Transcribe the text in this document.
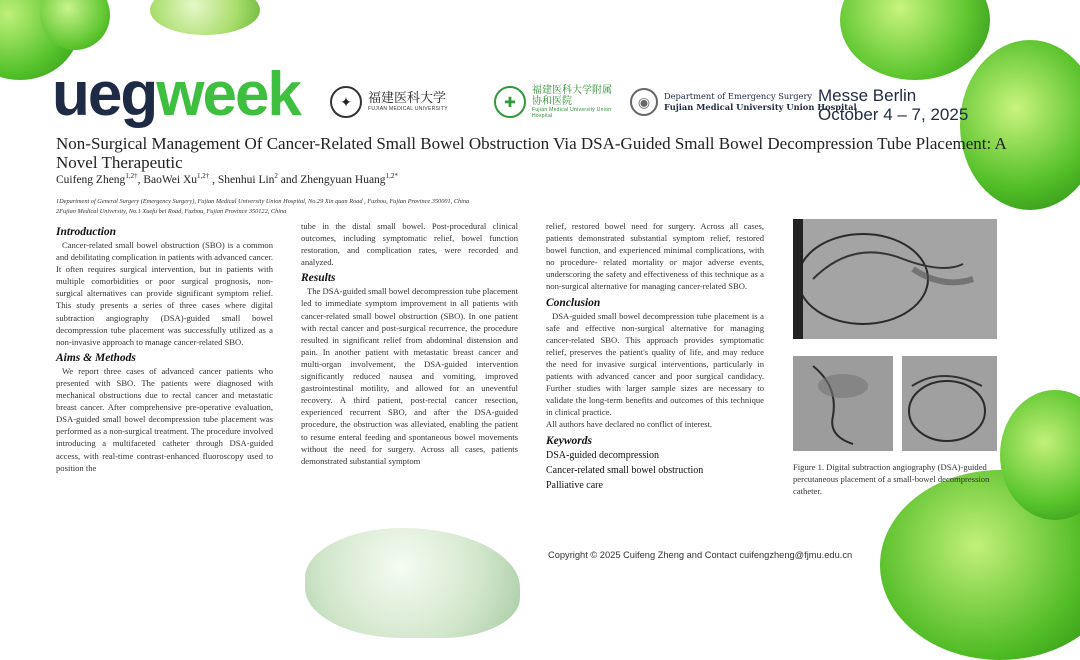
uegweek	✦	福建医科大学
FUJIAN MEDICAL UNIVERSITY	✚
福建医科大学附属 协和医院
Fujian Medical University Union Hospital
◉	Department of Emergency Surgery
Fujian Medical University Union Hospital
Messe Berlin
October 4 – 7, 2025
Non-Surgical Management Of Cancer-Related Small Bowel Obstruction Via DSA-Guided Small Bowel Decompression Tube Placement: A Novel Therapeutic
Cuifeng Zheng$^{1,2\dagger}$, BaoWei $Xu^{1,2\dagger}$ , Shenhui Lin$^2$ and Zhengyuan Huang$^{1,2*}$
1Department of General Surgery (Emergency Surgery), Fujian Medical University Union Hospital, No.29 Xin quan Road , Fuzhou, Fujian Province 350001, China
2Fujian Medical University, No.1 Xuefu bei Road, Fuzhou, Fujian Province 350122, China
Introduction

Cancer-related small bowel obstruction (SBO) is a common and debilitating complication in patients with advanced cancer. It often requires surgical intervention, but in patients with multiple comorbidities or poor surgical prognosis, non-surgical alternatives can provide significant symptom relief. This study presents a series of three cases where digital subtraction angiography (DSA)-guided small bowel decompression tube placement was successfully utilized as a non-invasive approach to manage cancer-related SBO.

Aims & Methods

We report three cases of advanced cancer patients who presented with SBO. The patients were diagnosed with mechanical obstructions due to rectal cancer and metastatic breast cancer. After comprehensive pre-operative evaluation, DSA-guided small bowel decompression tube placement was performed as a non-surgical treatment. The procedure involved introducing a multifaceted catheter through DSA-guided access, with real-time contrast-enhanced fluoroscopy used to position the

tube in the distal small bowel. Post-procedural clinical outcomes, including symptomatic relief, bowel function restoration, and complication rates, were recorded and analyzed.

Results

The DSA-guided small bowel decompression tube placement led to immediate symptom improvement in all patients with cancer-related small bowel obstruction (SBO). In one patient with rectal cancer and post-surgical recurrence, the procedure resulted in significant relief from abdominal distension and pain. In another patient with metastatic breast cancer and multi-organ involvement, the DSA-guided intervention significantly reduced nausea and vomiting, improved gastrointestinal motility, and allowed for an uneventful recovery. A third patient, post-rectal cancer resection, experienced recurrent SBO, and after the DSA-guided procedure, the obstruction was alleviated, enabling the patient to resume enteral feeding and spontaneous bowel movements without the need for surgery. Across all cases, patients demonstrated substantial symptom

relief, restored bowel need for surgery. Across all cases, patients demonstrated substantial symptom relief, restored bowel function, and experienced minimal complications, with no procedure- related mortality or major adverse events, underscoring the safety and effectiveness of this technique as a non-surgical alternative for managing cancer-related SBO.

Conclusion

DSA-guided small bowel decompression tube placement is a safe and effective non-surgical alternative for managing cancer-related SBO. This approach provides symptomatic relief, preserves the patient's quality of life, and may reduce the need for invasive surgical interventions, particularly in patients with advanced cancer and poor surgical candidacy. Further studies with larger sample sizes are necessary to validate the long-term benefits and outcomes of this technique in clinical practice.

All authors have declared no conflict of interest.

Keywords
DSA-guided decompression
Cancer-related small bowel obstruction
Palliative care
Figure 1. Digital subtraction angiography (DSA)-guided percutaneous placement of a small-bowel decompression catheter.
Copyright © 2025 Cuifeng Zheng and Contact cuifengzheng@fjmu.edu.cn
